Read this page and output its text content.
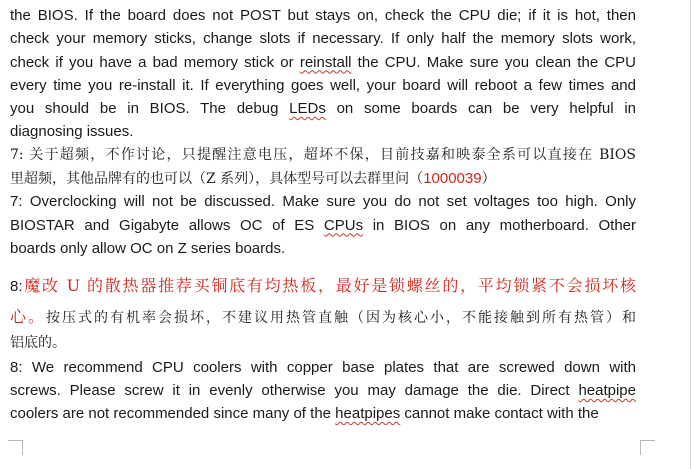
the BIOS. If the board does not POST but stays on, check the CPU die; if it is hot, then
check your memory sticks, change slots if necessary. If only half the memory slots work,
check if you have a bad memory stick or reinstall the CPU. Make sure you clean the CPU
every time you re-install it. If everything goes well, your board will reboot a few times and
you should be in BIOS. The debug LEDs on some boards can be very helpful in
diagnosing issues.
7: 关于超频，不作讨论，只提醒注意电压，超坏不保，目前技嘉和映泰全系可以直接在 BIOS
里超频，其他品牌有的也可以（Z 系列），具体型号可以去群里问（1000039）
7: Overclocking will not be discussed. Make sure you do not set voltages too high. Only
BIOSTAR and Gigabyte allows OC of ES CPUs in BIOS on any motherboard. Other
boards only allow OC on Z series boards.
8:魔改 U 的散热器推荐买铜底有均热板，最好是锁螺丝的，平均锁紧不会损坏核
心。按压式的有机率会损坏，不建议用热管直触（因为核心小，不能接触到所有热管）和
铝底的。
8: We recommend CPU coolers with copper base plates that are screwed down with
screws. Please screw it in evenly otherwise you may damage the die. Direct heatpipe
coolers are not recommended since many of the heatpipes cannot make contact with the
